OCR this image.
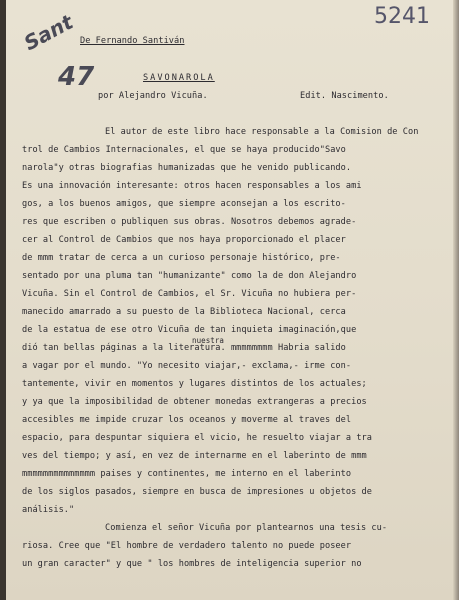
Sant
47
5241
De Fernando Santiván
SAVONAROLA
por Alejandro Vicuña.	Edit. Nascimento.
El autor de este libro hace responsable a la Comision de Con
trol de Cambios Internacionales, el que se haya producido"Savo
narola"y otras biografias humanizadas que he venido publicando.
Es una innovación interesante: otros hacen responsables a los ami
gos, a los buenos amigos, que siempre aconsejan a los escrito-
res que escriben o publiquen sus obras. Nosotros debemos agrade-
cer al Control de Cambios que nos haya proporcionado el placer
de mmm tratar de cerca a un curioso personaje histórico, pre-
sentado por una pluma tan "humanizante" como la de don Alejandro
Vicuña. Sin el Control de Cambios, el Sr. Vicuña no hubiera per-
manecido amarrado a su puesto de la Biblioteca Nacional, cerca
de la estatua de ese otro Vicuña de tan inquieta imaginación,que
nuestra
dió tan bellas páginas a la literatura. mmmmmmmm Habria salido
a vagar por el mundo. "Yo necesito viajar,- exclama,- irme con-
tantemente, vivir en momentos y lugares distintos de los actuales;
y ya que la imposibilidad de obtener monedas extrangeras a precios
accesibles me impide cruzar los oceanos y moverme al traves del
espacio, para despuntar siquiera el vicio, he resuelto viajar a tra
ves del tiempo; y así, en vez de internarme en el laberinto de mmm
mmmmmmmmmmmmmm paises y continentes, me interno en el laberinto
de los siglos pasados, siempre en busca de impresiones u objetos de
análisis."
Comienza el señor Vicuña por plantearnos una tesis cu-
riosa. Cree que "El hombre de verdadero talento no puede poseer
un gran caracter" y que " los hombres de inteligencia superior no
